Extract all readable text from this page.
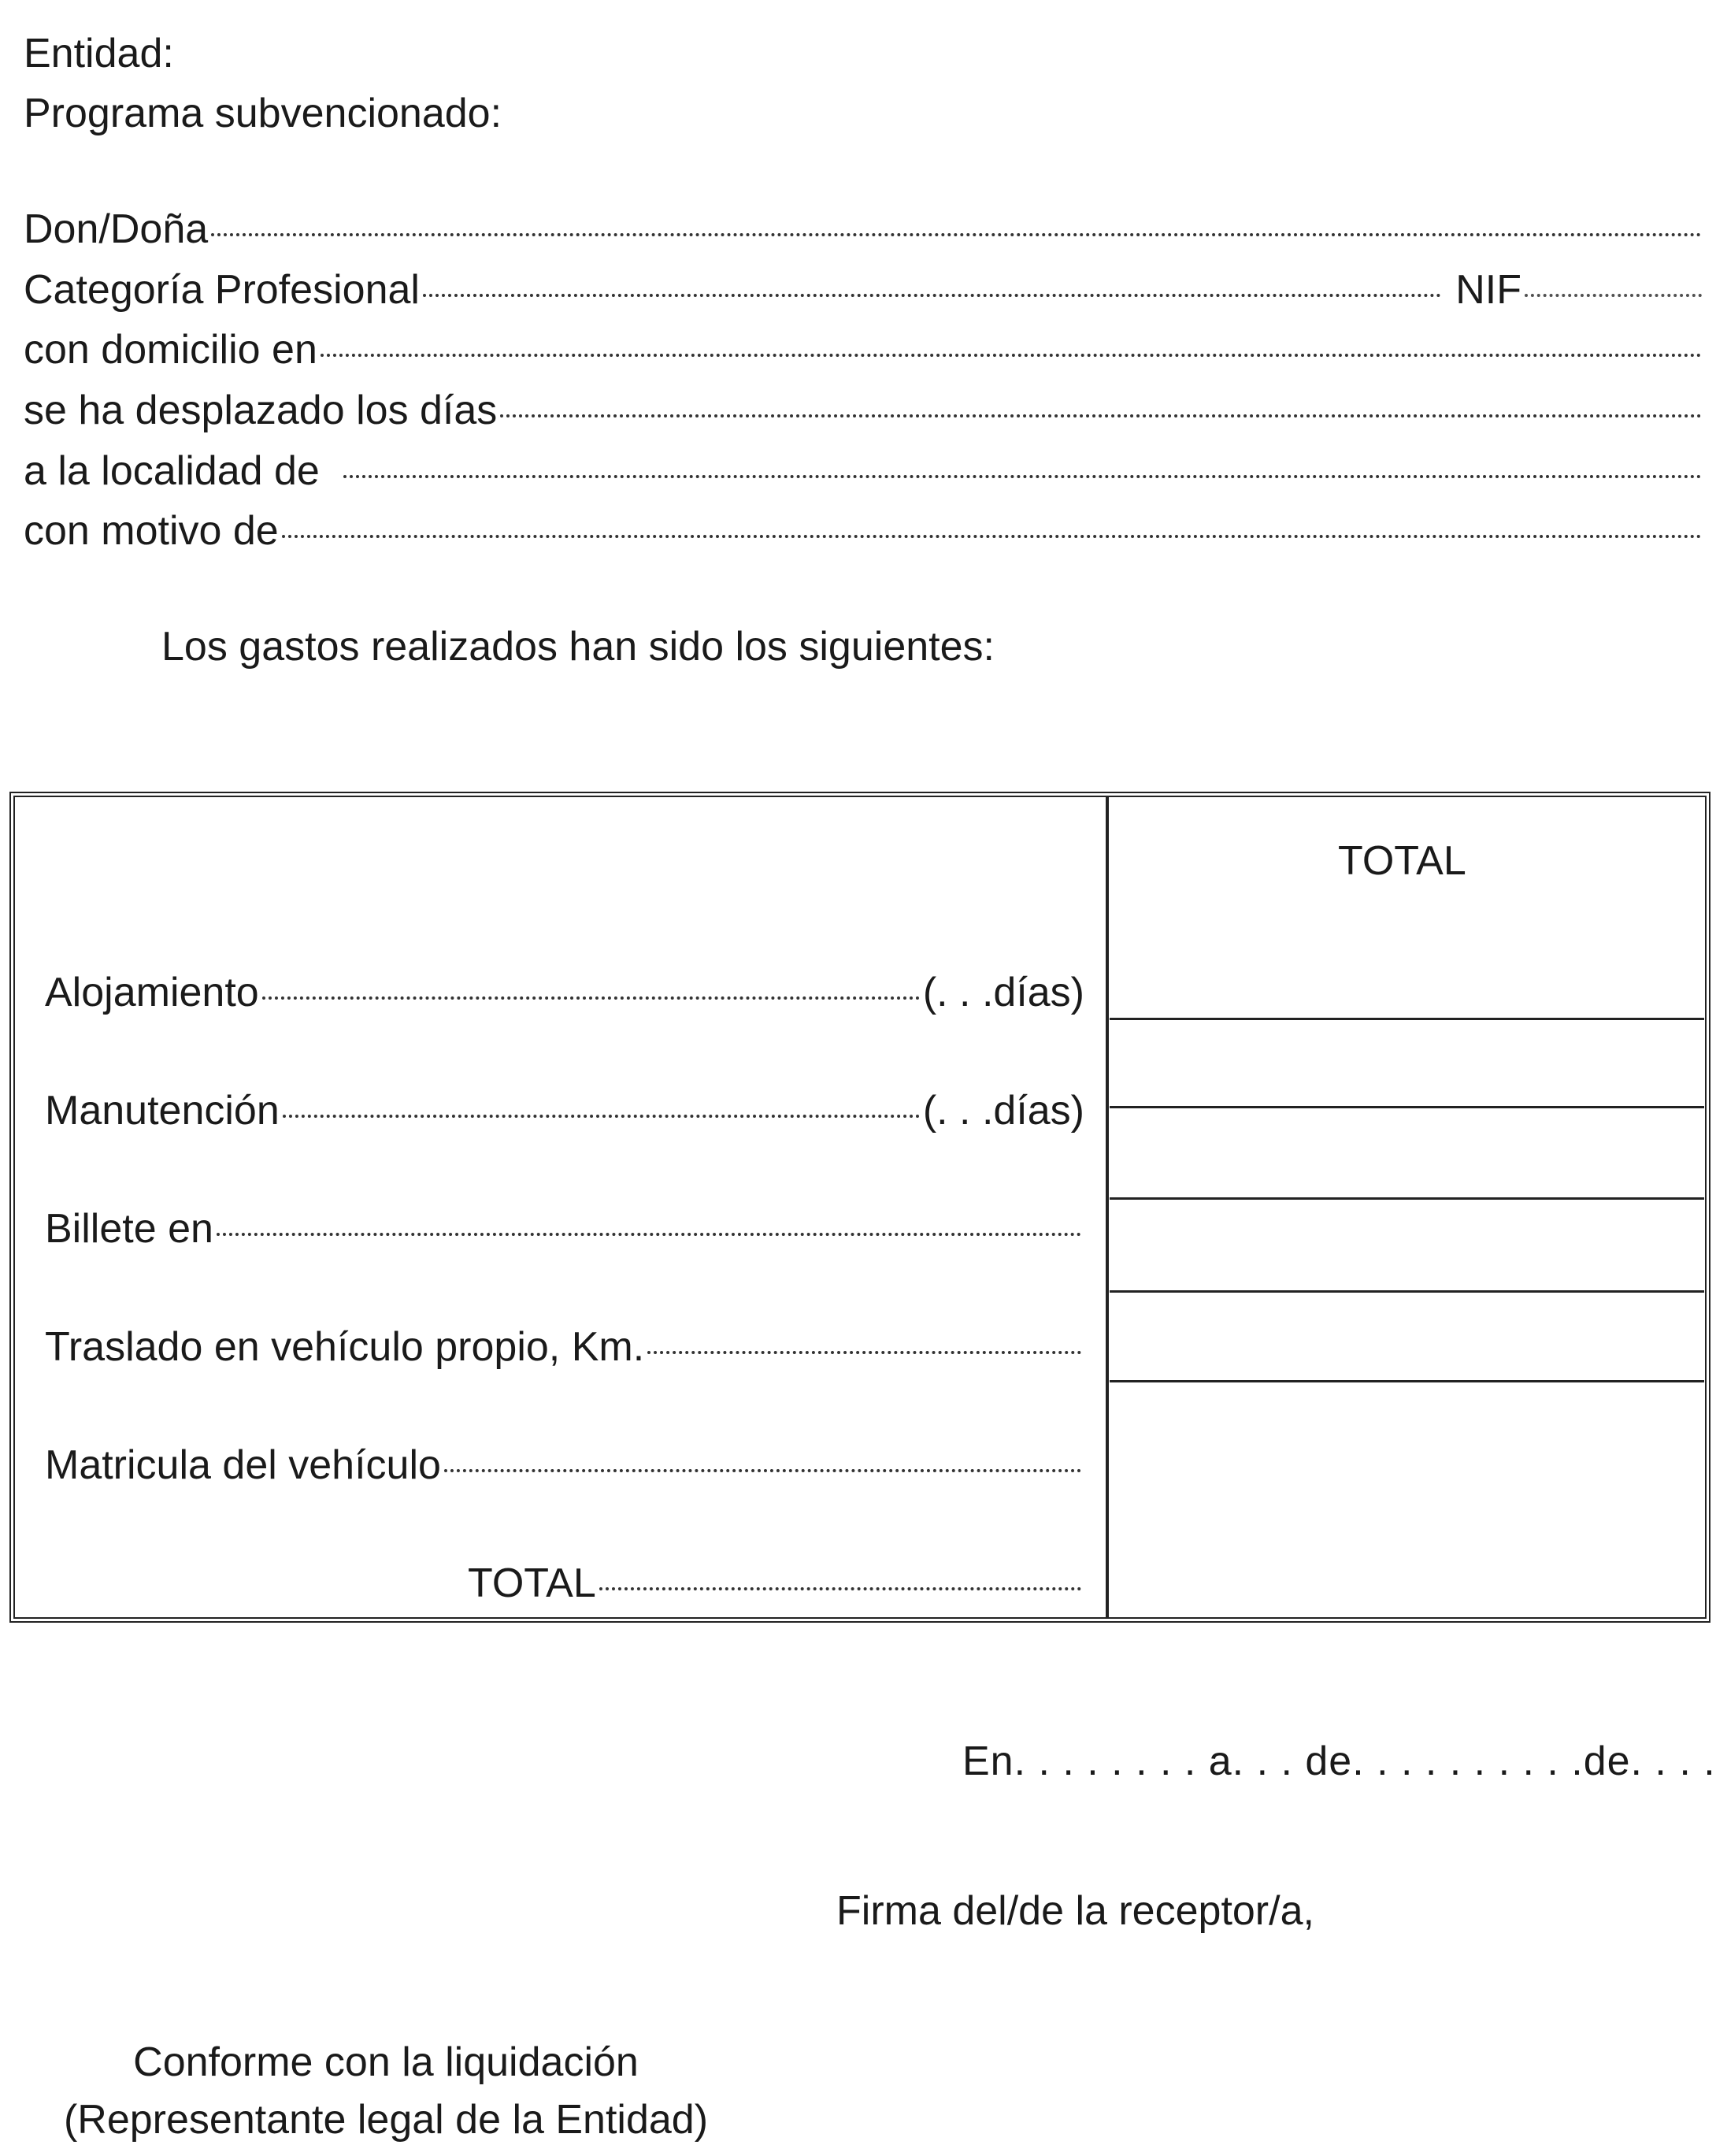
Entidad:
Programa subvencionado:
Don/Doña
Categoría Profesional	NIF
con domicilio en
se ha desplazado los días
a la localidad de
con motivo de
Los gastos realizados han sido los siguientes:
TOTAL
Alojamiento	(. . .días)
Manutención	(. . .días)
Billete en
Traslado en vehículo propio, Km.
Matricula del vehículo
TOTAL
En. . . . . . . . a. . . de. . . . . . . . . .de. . . .
Firma del/de la receptor/a,
Conforme con la liquidación
(Representante legal de la Entidad)
